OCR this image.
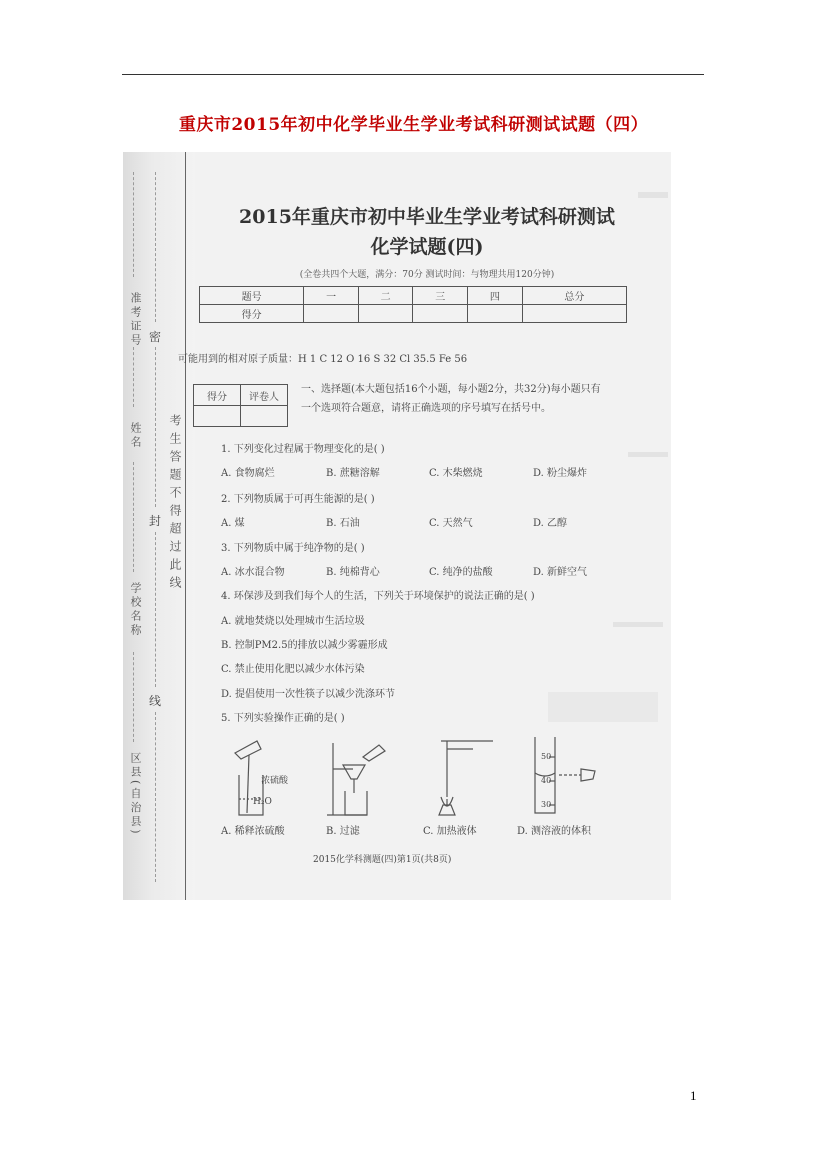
重庆市2015年初中化学毕业生学业考试科研测试试题（四）
准考证号
姓名
学校名称
区县(自治县)
密
封
线
考生答题不得超过此线
2015年重庆市初中毕业生学业考试科研测试
化学试题(四)
(全卷共四个大题，满分：70分 测试时间：与物理共用120分钟)
题号	一	二	三	四	总分
得分					
可能用到的相对原子质量：H 1 C 12 O 16 S 32 Cl 35.5 Fe 56
得分	评卷人

一、选择题(本大题包括16个小题，每小题2分，共32分)每小题只有一个选项符合题意，请将正确选项的序号填写在括号中。
1. 下列变化过程属于物理变化的是( )
A. 食物腐烂	B. 蔗糖溶解	C. 木柴燃烧	D. 粉尘爆炸
2. 下列物质属于可再生能源的是( )
A. 煤	B. 石油	C. 天然气	D. 乙醇
3. 下列物质中属于纯净物的是( )
A. 冰水混合物	B. 纯棉背心	C. 纯净的盐酸	D. 新鲜空气
4. 环保涉及到我们每个人的生活，下列关于环境保护的说法正确的是( )
A. 就地焚烧以处理城市生活垃圾
B. 控制PM2.5的排放以减少雾霾形成
C. 禁止使用化肥以减少水体污染
D. 提倡使用一次性筷子以减少洗涤环节
5. 下列实验操作正确的是( )
浓硫酸
H₂O
50
40
30
A. 稀释浓硫酸	B. 过滤	C. 加热液体	D. 测溶液的体积
2015化学科测题(四)第1页(共8页)
1
